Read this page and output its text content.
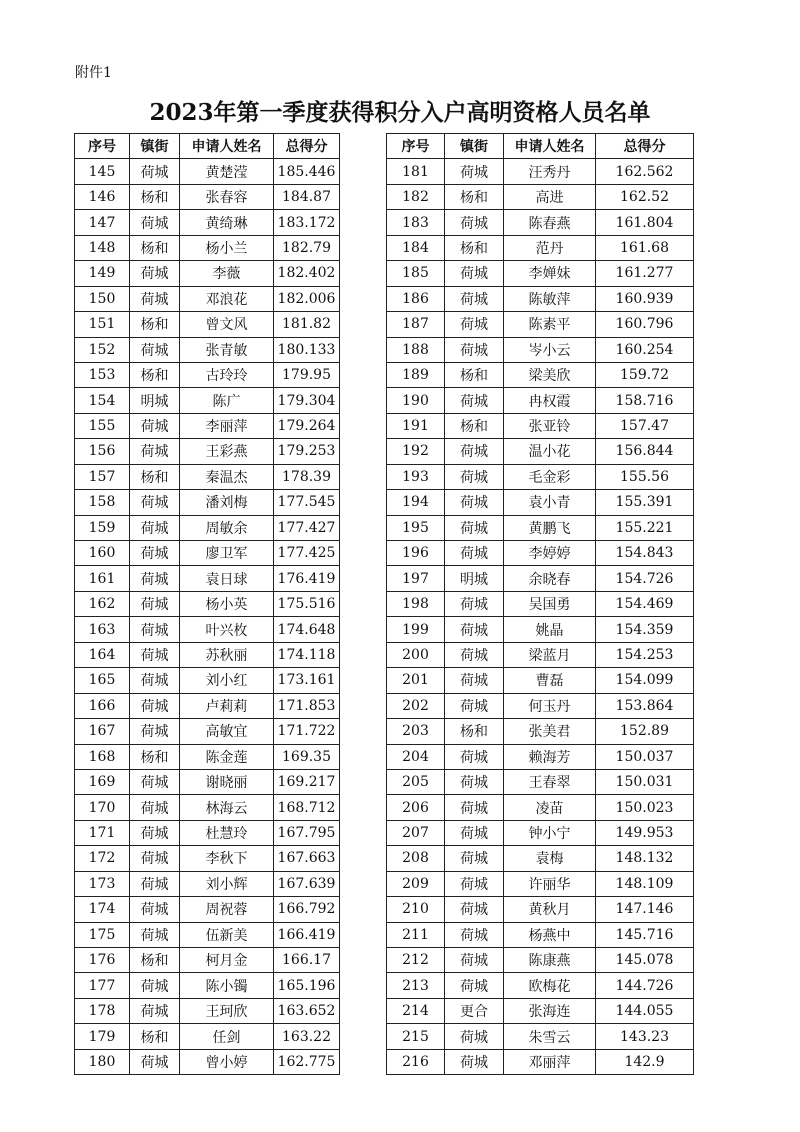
附件1
2023年第一季度获得积分入户高明资格人员名单
序号	镇街	申请人姓名	总得分
145	荷城	黄楚滢	185.446
146	杨和	张春容	184.87
147	荷城	黄绮琳	183.172
148	杨和	杨小兰	182.79
149	荷城	李薇	182.402
150	荷城	邓浪花	182.006
151	杨和	曾文风	181.82
152	荷城	张青敏	180.133
153	杨和	古玲玲	179.95
154	明城	陈广	179.304
155	荷城	李丽萍	179.264
156	荷城	王彩燕	179.253
157	杨和	秦温杰	178.39
158	荷城	潘刘梅	177.545
159	荷城	周敏余	177.427
160	荷城	廖卫军	177.425
161	荷城	袁日球	176.419
162	荷城	杨小英	175.516
163	荷城	叶兴枚	174.648
164	荷城	苏秋丽	174.118
165	荷城	刘小红	173.161
166	荷城	卢莉莉	171.853
167	荷城	高敏宜	171.722
168	杨和	陈金莲	169.35
169	荷城	谢晓丽	169.217
170	荷城	林海云	168.712
171	荷城	杜慧玲	167.795
172	荷城	李秋下	167.663
173	荷城	刘小辉	167.639
174	荷城	周祝蓉	166.792
175	荷城	伍新美	166.419
176	杨和	柯月金	166.17
177	荷城	陈小镯	165.196
178	荷城	王珂欣	163.652
179	杨和	任剑	163.22
180	荷城	曾小婷	162.775
序号	镇街	申请人姓名	总得分
181	荷城	汪秀丹	162.562
182	杨和	高进	162.52
183	荷城	陈春燕	161.804
184	杨和	范丹	161.68
185	荷城	李婵妹	161.277
186	荷城	陈敏萍	160.939
187	荷城	陈素平	160.796
188	荷城	岑小云	160.254
189	杨和	梁美欣	159.72
190	荷城	冉权霞	158.716
191	杨和	张亚铃	157.47
192	荷城	温小花	156.844
193	荷城	毛金彩	155.56
194	荷城	袁小青	155.391
195	荷城	黄鹏飞	155.221
196	荷城	李婷婷	154.843
197	明城	余晓春	154.726
198	荷城	吴国勇	154.469
199	荷城	姚晶	154.359
200	荷城	梁蓝月	154.253
201	荷城	曹磊	154.099
202	荷城	何玉丹	153.864
203	杨和	张美君	152.89
204	荷城	赖海芳	150.037
205	荷城	王春翠	150.031
206	荷城	凌苗	150.023
207	荷城	钟小宁	149.953
208	荷城	袁梅	148.132
209	荷城	许丽华	148.109
210	荷城	黄秋月	147.146
211	荷城	杨燕中	145.716
212	荷城	陈康燕	145.078
213	荷城	欧梅花	144.726
214	更合	张海连	144.055
215	荷城	朱雪云	143.23
216	荷城	邓丽萍	142.9
